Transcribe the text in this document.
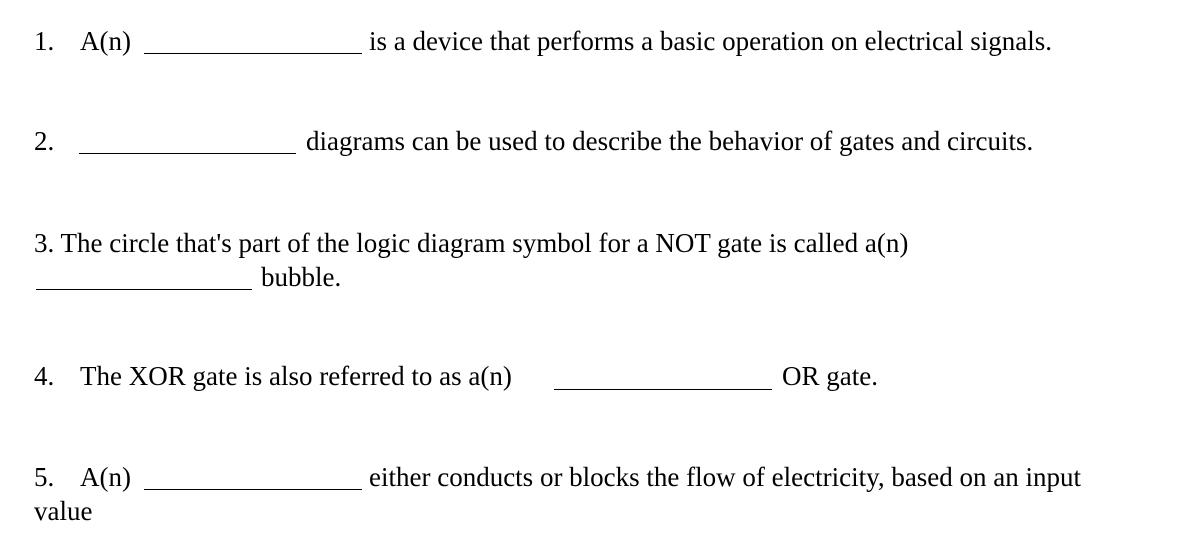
1. A(n)	is a device that performs a basic operation on electrical signals.
2.	diagrams can be used to describe the behavior of gates and circuits.
3. The circle that's part of the logic diagram symbol for a NOT gate is called a(n)
bubble.
4. The XOR gate is also referred to as a(n)	OR gate.
5. A(n)	either conducts or blocks the flow of electricity, based on an input
value
